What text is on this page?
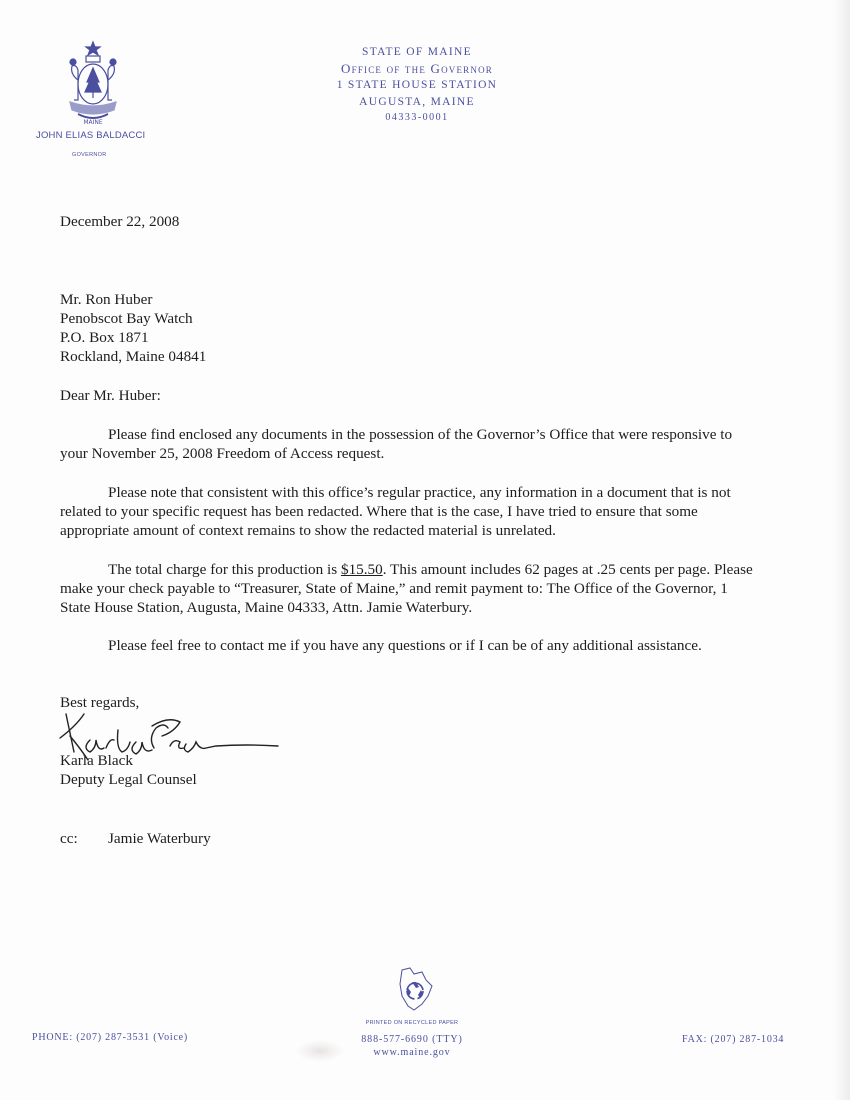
MAINE
JOHN ELIAS BALDACCI
GOVERNOR
STATE OF MAINE
Office of the Governor
1 STATE HOUSE STATION
AUGUSTA, MAINE
04333-0001
December 22, 2008
Mr. Ron Huber
Penobscot Bay Watch
P.O. Box 1871
Rockland, Maine 04841
Dear Mr. Huber:
Please find enclosed any documents in the possession of the Governor’s Office that were responsive to your November 25, 2008 Freedom of Access request.
Please note that consistent with this office’s regular practice, any information in a document that is not related to your specific request has been redacted. Where that is the case, I have tried to ensure that some appropriate amount of context remains to show the redacted material is unrelated.
The total charge for this production is $15.50. This amount includes 62 pages at .25 cents per page. Please make your check payable to “Treasurer, State of Maine,” and remit payment to: The Office of the Governor, 1 State House Station, Augusta, Maine 04333, Attn. Jamie Waterbury.
Please feel free to contact me if you have any questions or if I can be of any additional assistance.
Best regards,
Karla Black
Deputy Legal Counsel
cc: Jamie Waterbury
PHONE: (207) 287-3531 (Voice)
PRINTED ON RECYCLED PAPER
888-577-6690 (TTY)
www.maine.gov
FAX: (207) 287-1034
